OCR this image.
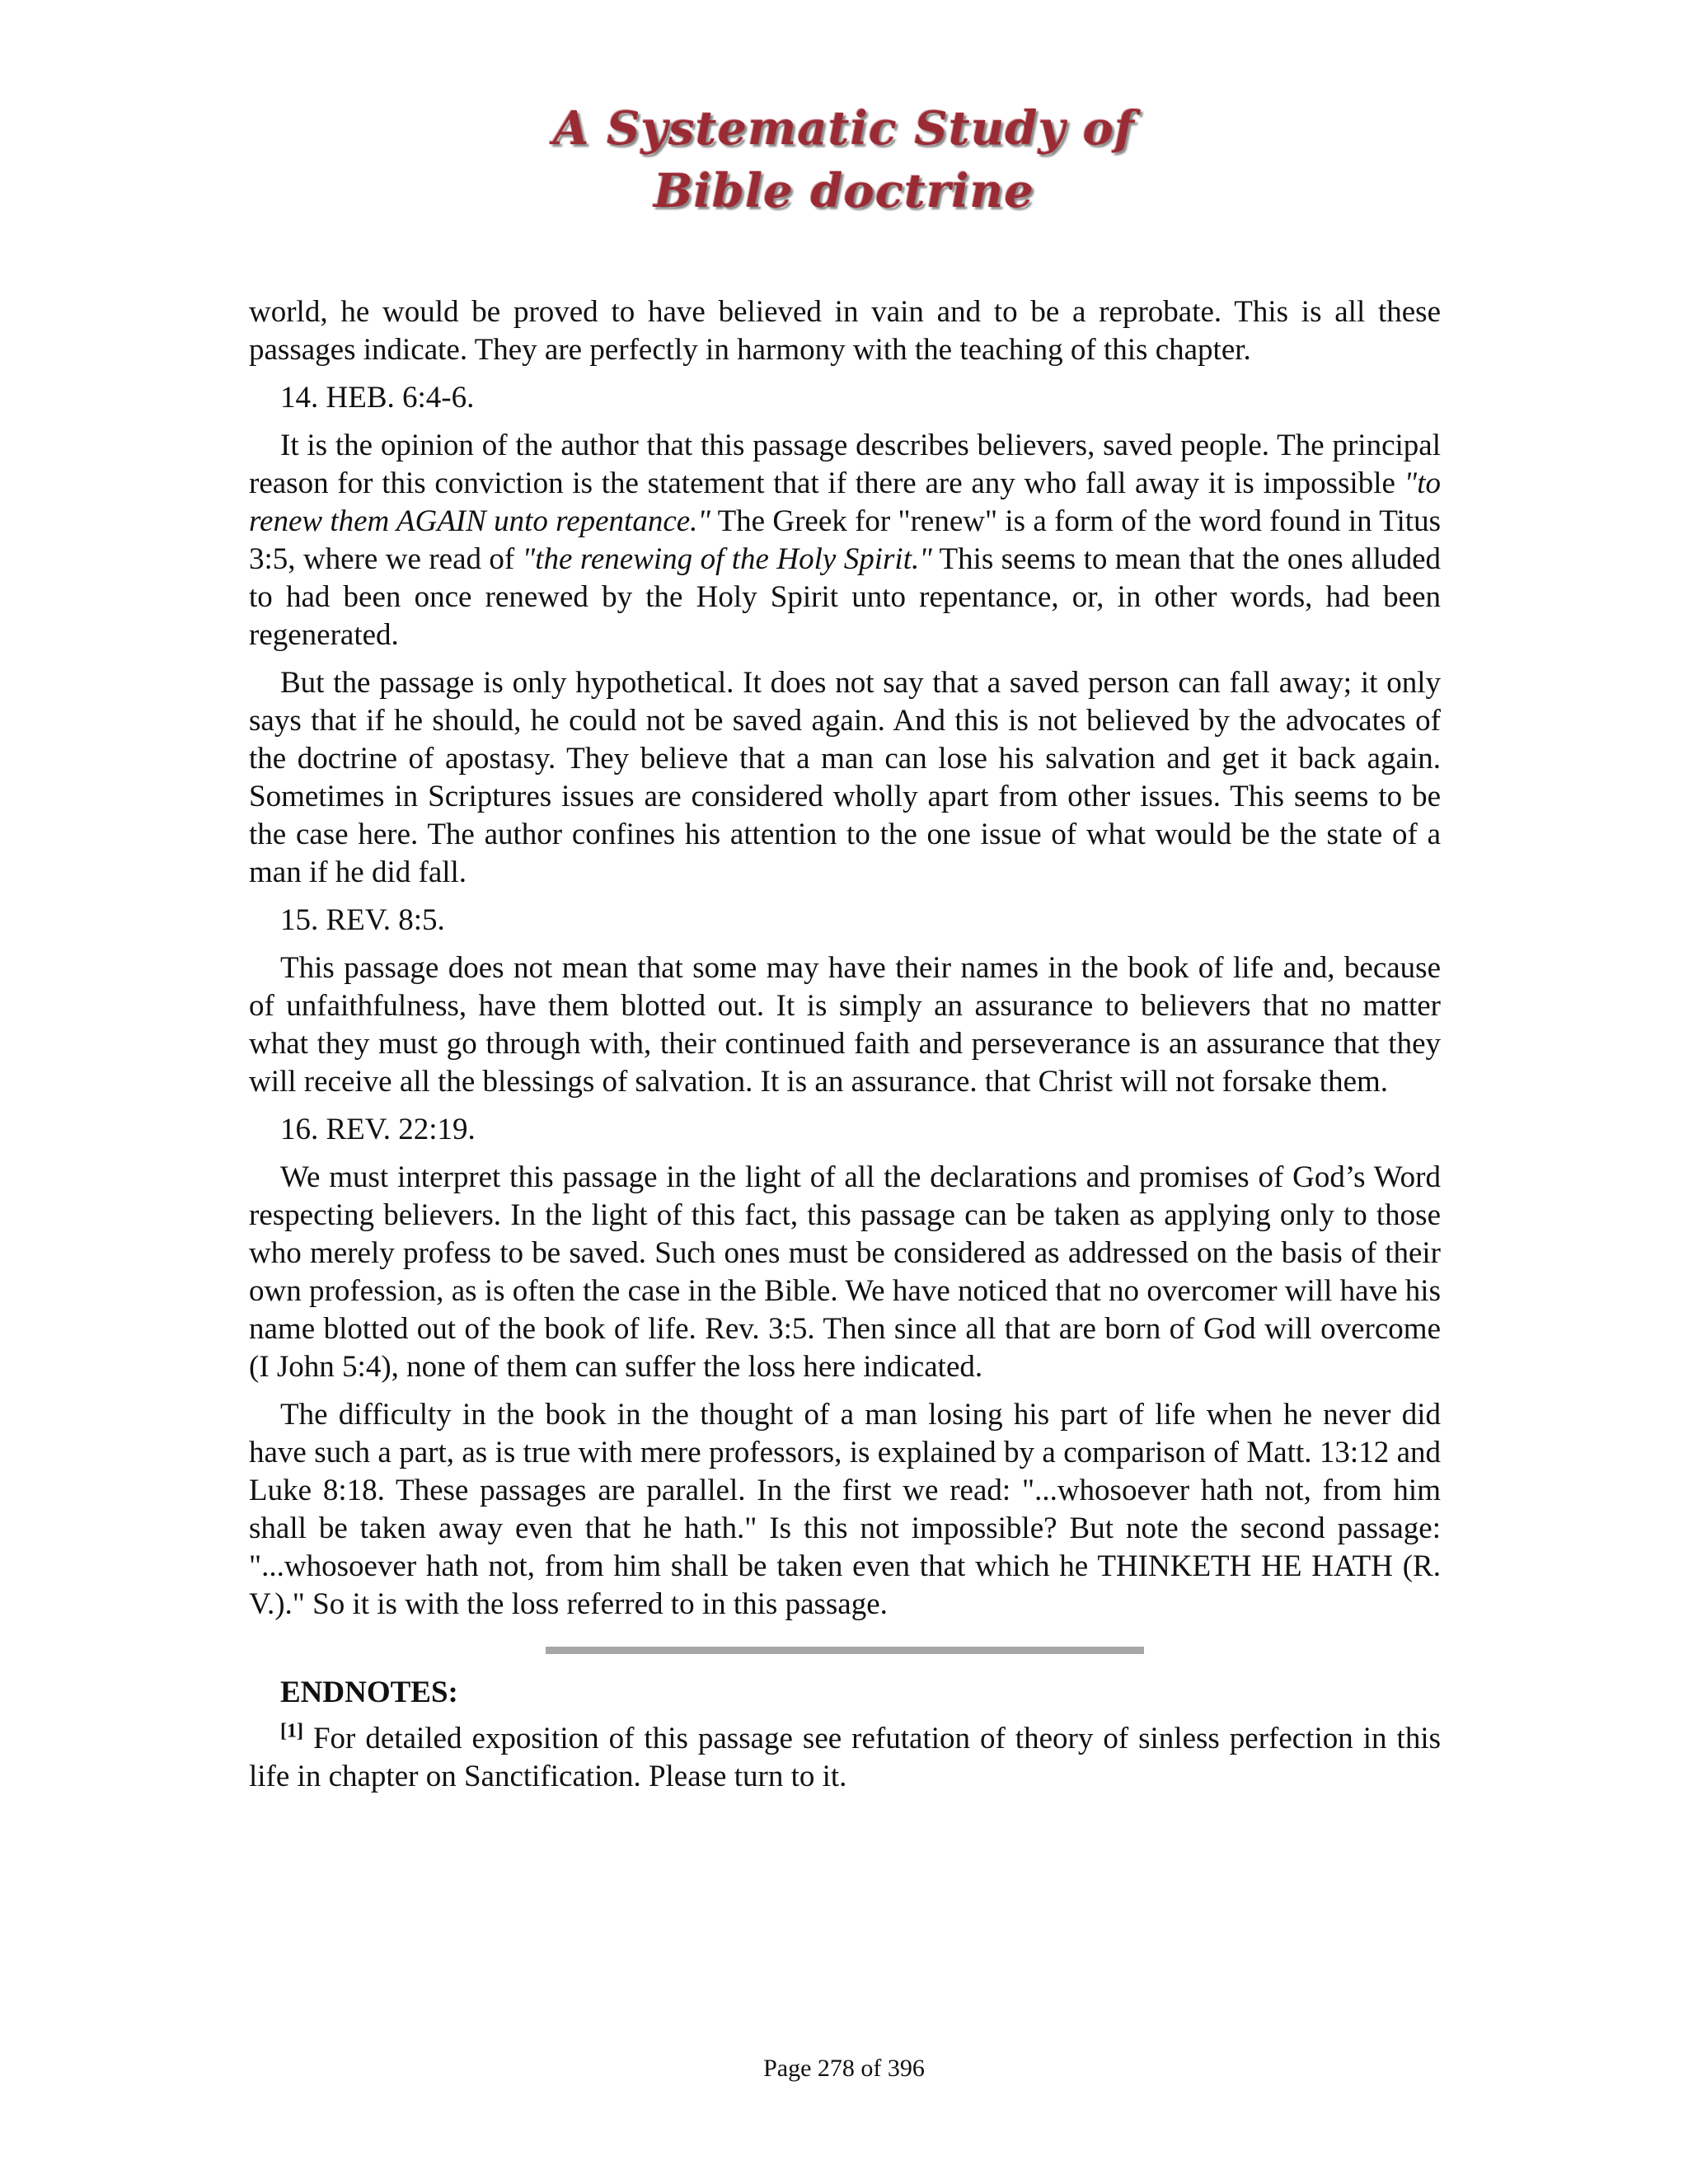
A Systematic Study of
Bible doctrine

world, he would be proved to have believed in vain and to be a reprobate. This is all these passages indicate. They are perfectly in harmony with the teaching of this chapter.

14. HEB. 6:4-6.

It is the opinion of the author that this passage describes believers, saved people. The principal reason for this conviction is the statement that if there are any who fall away it is impossible "to renew them AGAIN unto repentance." The Greek for "renew" is a form of the word found in Titus 3:5, where we read of "the renewing of the Holy Spirit." This seems to mean that the ones alluded to had been once renewed by the Holy Spirit unto repentance, or, in other words, had been regenerated.

But the passage is only hypothetical. It does not say that a saved person can fall away; it only says that if he should, he could not be saved again. And this is not believed by the advocates of the doctrine of apostasy. They believe that a man can lose his salvation and get it back again. Sometimes in Scriptures issues are considered wholly apart from other issues. This seems to be the case here. The author confines his attention to the one issue of what would be the state of a man if he did fall.

15. REV. 8:5.

This passage does not mean that some may have their names in the book of life and, because of unfaithfulness, have them blotted out. It is simply an assurance to believers that no matter what they must go through with, their continued faith and perseverance is an assurance that they will receive all the blessings of salvation. It is an assurance. that Christ will not forsake them.

16. REV. 22:19.

We must interpret this passage in the light of all the declarations and promises of God’s Word respecting believers. In the light of this fact, this passage can be taken as applying only to those who merely profess to be saved. Such ones must be considered as addressed on the basis of their own profession, as is often the case in the Bible. We have noticed that no overcomer will have his name blotted out of the book of life. Rev. 3:5. Then since all that are born of God will overcome (I John 5:4), none of them can suffer the loss here indicated.

The difficulty in the book in the thought of a man losing his part of life when he never did have such a part, as is true with mere professors, is explained by a comparison of Matt. 13:12 and Luke 8:18. These passages are parallel. In the first we read: "...whosoever hath not, from him shall be taken away even that he hath." Is this not impossible? But note the second passage: "...whosoever hath not, from him shall be taken even that which he THINKETH HE HATH (R. V.)." So it is with the loss referred to in this passage.

ENDNOTES:

[1] For detailed exposition of this passage see refutation of theory of sinless perfection in this life in chapter on Sanctification. Please turn to it.

Page 278 of 396
